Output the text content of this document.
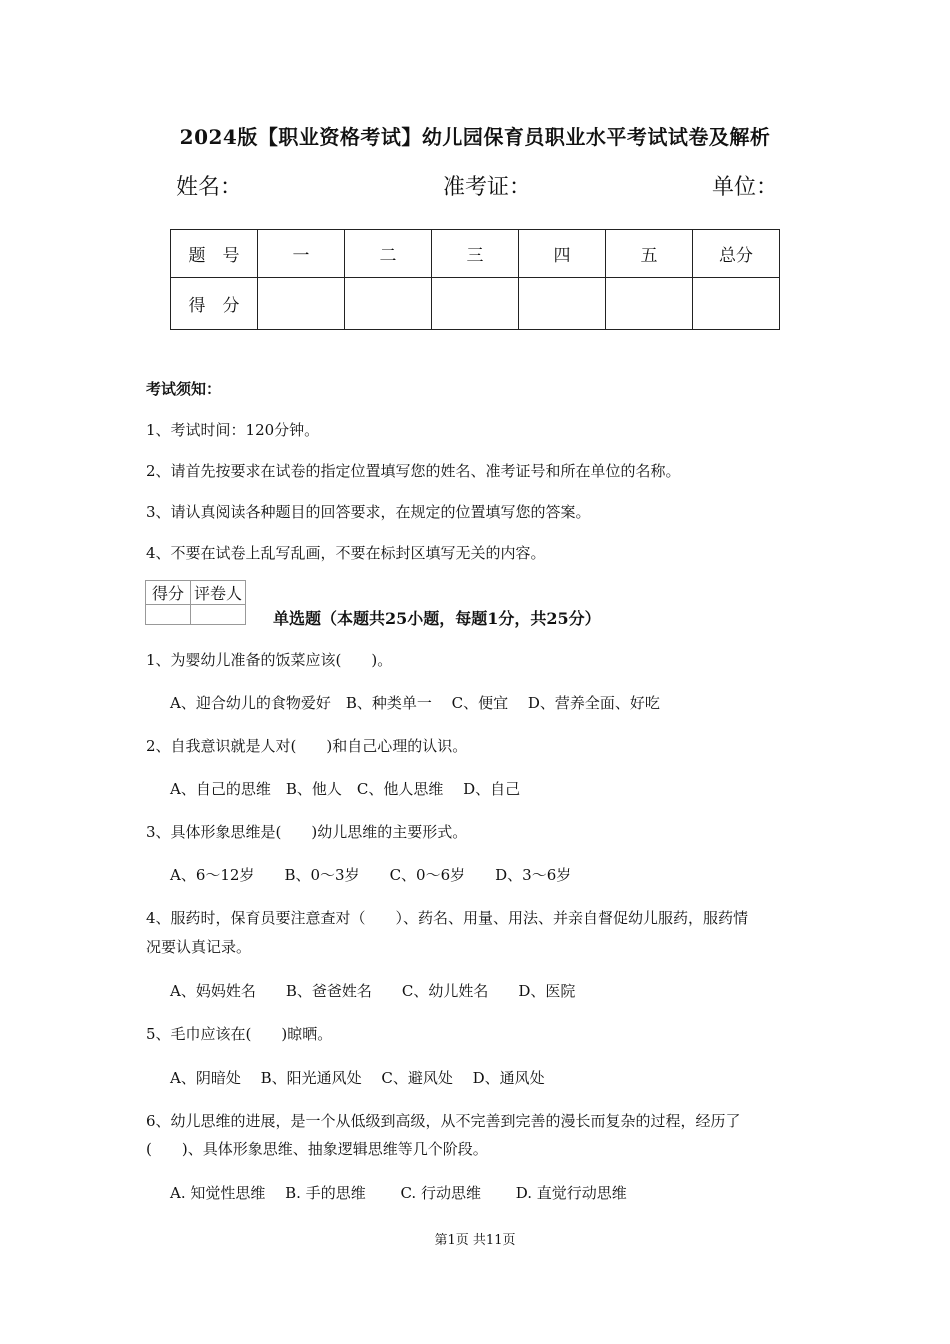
2024版【职业资格考试】幼儿园保育员职业水平考试试卷及解析
姓名：	准考证：	单位：
题　号	一	二	三	四	五	总分
得　分						
考试须知：
1、考试时间：120分钟。
2、请首先按要求在试卷的指定位置填写您的姓名、准考证号和所在单位的名称。
3、请认真阅读各种题目的回答要求，在规定的位置填写您的答案。
4、不要在试卷上乱写乱画，不要在标封区填写无关的内容。
得分	评卷人

单选题（本题共25小题，每题1分，共25分）
1、为婴幼儿准备的饭菜应该(　　)。
A、迎合幼儿的食物爱好　B、种类单一　 C、便宜　 D、营养全面、好吃
2、自我意识就是人对(　　)和自己心理的认识。
A、自己的思维　B、他人　C、他人思维　 D、自己
3、具体形象思维是(　　)幼儿思维的主要形式。
A、6～12岁　　B、0～3岁　　C、0～6岁　　D、3～6岁
4、服药时，保育员要注意查对（　　）、药名、用量、用法、并亲自督促幼儿服药，服药情
况要认真记录。
A、妈妈姓名　　B、爸爸姓名　　C、幼儿姓名　　D、医院
5、毛巾应该在(　　)晾晒。
A、阴暗处　 B、阳光通风处　 C、避风处　 D、通风处
6、幼儿思维的进展，是一个从低级到高级，从不完善到完善的漫长而复杂的过程，经历了
(　　)、具体形象思维、抽象逻辑思维等几个阶段。
A. 知觉性思维　 B. 手的思维　　 C. 行动思维　　 D. 直觉行动思维
第1页 共11页
